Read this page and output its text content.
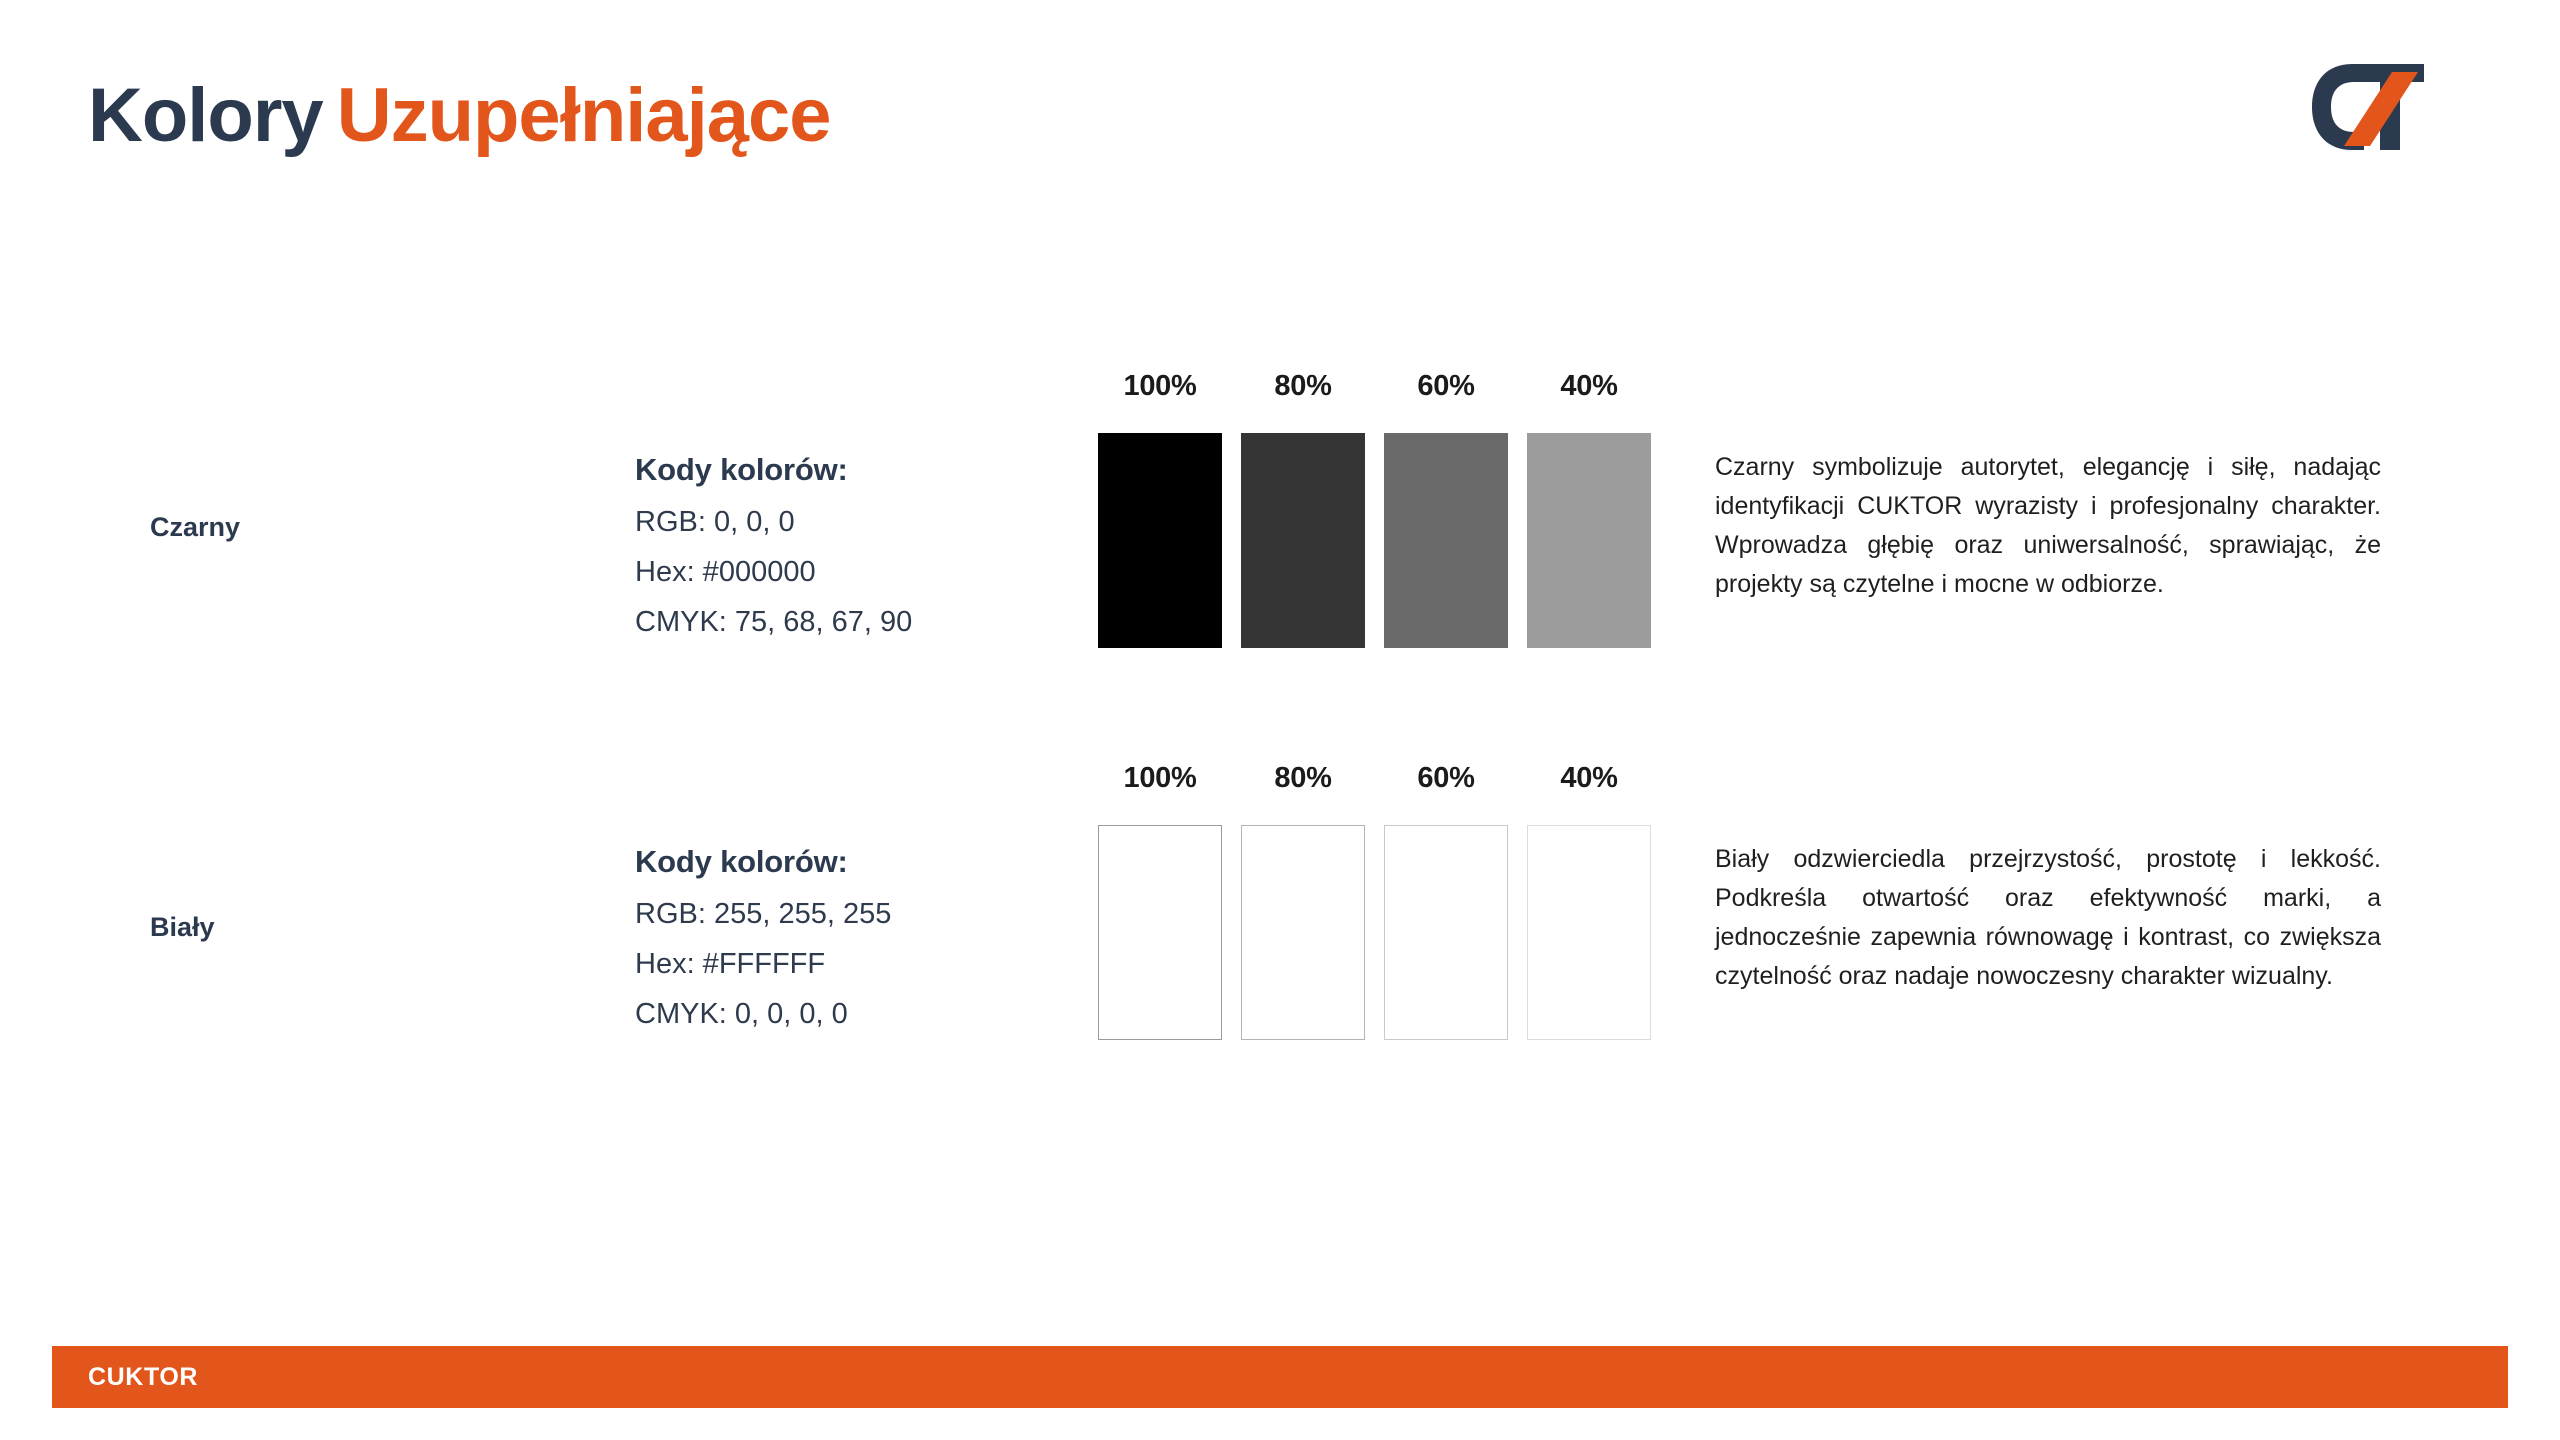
Kolory Uzupełniające
Czarny
Kody kolorów:
RGB: 0, 0, 0
Hex: #000000
CMYK: 75, 68, 67, 90
100%	80%	60%	40%
Czarny symbolizuje autorytet, elegancję i siłę, nadając identyfikacji CUKTOR wyrazisty i profesjonalny charakter. Wprowadza głębię oraz uniwersalność, sprawiając, że projekty są czytelne i mocne w odbiorze.
Biały
Kody kolorów:
RGB: 255, 255, 255
Hex: #FFFFFF
CMYK: 0, 0, 0, 0
100%	80%	60%	40%
Biały odzwierciedla przejrzystość, prostotę i lekkość. Podkreśla otwartość oraz efektywność marki, a jednocześnie zapewnia równowagę i kontrast, co zwiększa czytelność oraz nadaje nowoczesny charakter wizualny.
CUKTOR
